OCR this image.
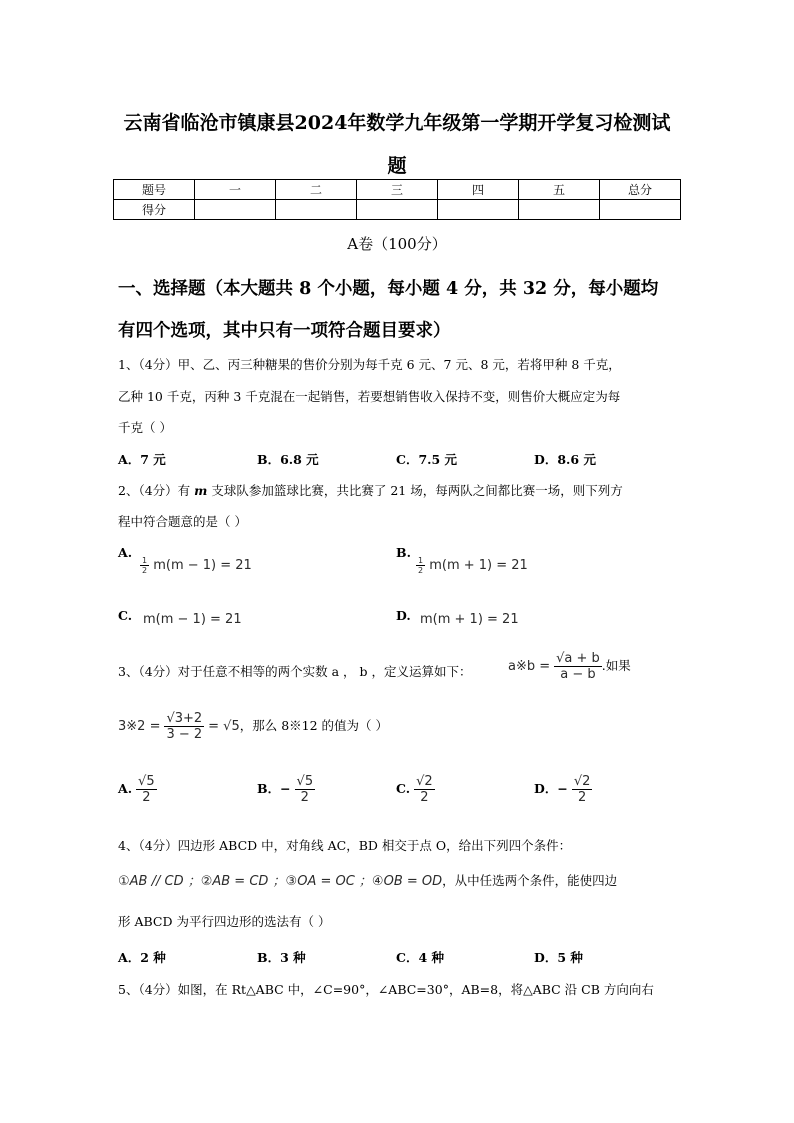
云南省临沧市镇康县2024年数学九年级第一学期开学复习检测试
题
题号	一	二	三	四	五	总分
得分						
A卷（100分）
一、选择题（本大题共 8 个小题，每小题 4 分，共 32 分，每小题均
有四个选项，其中只有一项符合题目要求）
1、（4分）甲、乙、丙三种糖果的售价分别为每千克 6 元、7 元、8 元，若将甲种 8 千克，
乙种 10 千克，丙种 3 千克混在一起销售，若要想销售收入保持不变，则售价大概应定为每
千克（ ）
A．7 元	B．6.8 元	C．7.5 元	D．8.6 元
2、（4分）有 m 支球队参加篮球比赛，共比赛了 21 场，每两队之间都比赛一场，则下列方
程中符合题意的是（ ）
A.
$\frac{1}{2} m(m - 1) = 21$
B.
$\frac{1}{2} m(m + 1) = 21$
C. m(m − 1) = 21	D. m(m + 1) = 21
3、（4分）对于任意不相等的两个实数 a ， b ，定义运算如下：	a※b = $\frac{√a + b}{a - b}$ .如果
3※2 = $\frac{√3+2}{3 - 2} = √5$，那么 8※12 的值为（ ）
A. $\frac{√5}{2}$	B．− $\frac{√5}{2}$	C. $\frac{√2}{2}$	D．− $\frac{√2}{2}$
4、（4分）四边形 ABCD 中，对角线 AC，BD 相交于点 O，给出下列四个条件：
①AB // CD ；②AB = CD ；③OA = OC ；④OB = OD，从中任选两个条件，能使四边
形 ABCD 为平行四边形的选法有（ ）
A．2 种	B．3 种	C．4 种	D．5 种
5、（4分）如图，在 Rt△ABC 中，∠C=90°，∠ABC=30°，AB=8，将△ABC 沿 CB 方向向右
